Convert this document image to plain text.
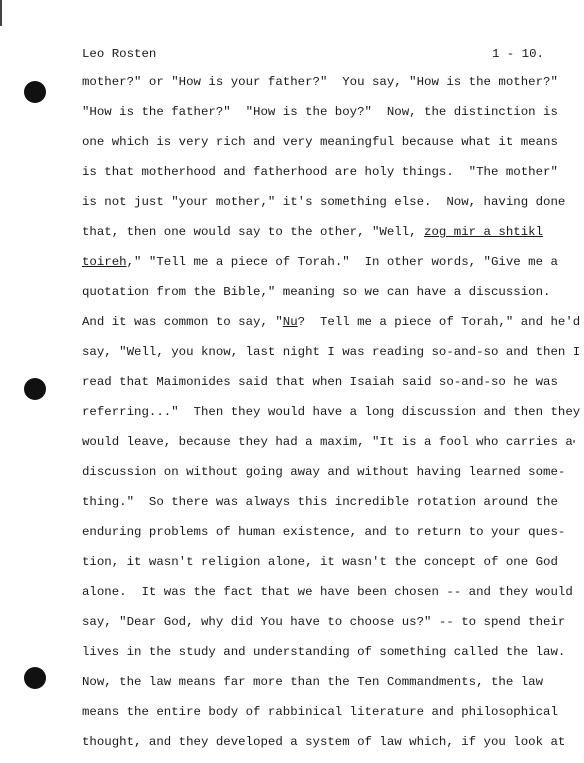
Leo Rosten	1 - 10.
mother?" or "How is your father?"  You say, "How is the mother?"
"How is the father?"  "How is the boy?"  Now, the distinction is
one which is very rich and very meaningful because what it means
is that motherhood and fatherhood are holy things.  "The mother"
is not just "your mother," it's something else.  Now, having done
that, then one would say to the other, "Well, zog mir a shtikl
toireh," "Tell me a piece of Torah."  In other words, "Give me a
quotation from the Bible," meaning so we can have a discussion.
And it was common to say, "Nu?  Tell me a piece of Torah," and he'd
say, "Well, you know, last night I was reading so-and-so and then I
read that Maimonides said that when Isaiah said so-and-so he was
referring..."  Then they would have a long discussion and then they
would leave, because they had a maxim, "It is a fool who carries a
discussion on without going away and without having learned some-
thing."  So there was always this incredible rotation around the
enduring problems of human existence, and to return to your ques-
tion, it wasn't religion alone, it wasn't the concept of one God
alone.  It was the fact that we have been chosen -- and they would
say, "Dear God, why did You have to choose us?" -- to spend their
lives in the study and understanding of something called the law.
Now, the law means far more than the Ten Commandments, the law
means the entire body of rabbinical literature and philosophical
thought, and they developed a system of law which, if you look at
